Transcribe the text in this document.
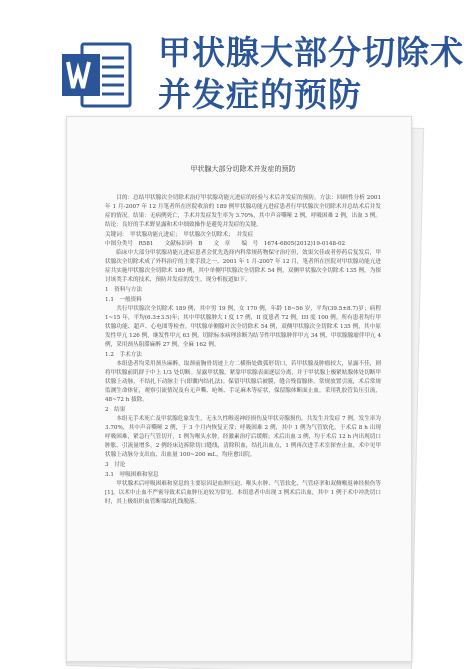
甲状腺大部分切除术并发症的预防
甲状腺大部分切除术并发症的预防
目的：总结甲状腺次全切除术治疗甲状腺功能亢进症的经验与术后并发症的预防。方法：回顾性分析 2001 年 1 月-2007 年 12 月笔者所在医院收治的 189 例甲状腺功能亢进症患者行甲状腺次全切除术并总结术后并发症的情况。结果：无病例死亡，手术并发症发生率为 3.70%，其中声音嘶哑 2 例，呼吸困难 2 例，出血 3 例。结论：良好的手术野显露和术中细致操作是避免并发症的关键。
关键词：　甲状腺功能亢进症；　甲状腺次全切除术；　并发症
中图分类号　R581　　文献标识码　B　　文　章　　编　号　1674-6805(2012)19-0148-02
临床中大部分甲状腺功能亢进症患者会优先选择内科常规药物保守治疗但，效果欠佳或者停药后复发后，甲状腺次全切除术成了外科治疗的主要手段之一。2001 年 1 月-2007 年 12 月，笔者所在医院对甲状腺功能亢进症共实施甲状腺次全切除术 189 例，其中单侧甲状腺次全切除术 54 例，双侧甲状腺次全切除术 135 例，为探讨该类手术的技术，预防并发症的发生，现分析报道如下。
1　资料与方法
1.1　一般资料
共行甲状腺次全切除术 189 例，其中男 19 例，女 170 例，年龄 18~56 岁，平均(39.5±8.7)岁；病程 1~15 年，平均(6.3±3.5)年；其中甲状腺肿大 I 度 17 例，II 度患者 72 例，III 度 100 例。所有患者均行甲状腺功能、超声、心电图等检查。甲状腺单侧腺叶次全切除术 54 例，双侧甲状腺次全切除术 135 例，其中原发性甲亢 126 例，继发性甲亢 63 例。切除标本病理诊断为结节性甲状腺肿伴甲亢 34 例，甲状腺腺瘤伴甲亢 4 例，采用颈丛阻滞麻醉 27 例，全麻 162 例。
1.2　手术方法
本组患者均采用颈丛麻醉，取颈前胸骨切迹上方二横指处做弧形切口，若甲状腺及肿瘤较大，显露不佳，则将甲状腺前肌群于中上 1/3 处切断。显露甲状腺，紧靠甲状腺表面逐层分离，并于甲状腺上极紧贴腺体处切断甲状腺上动脉，不结扎下动脉主干(即囊内结扎法)。保留甲状腺后被膜，缝合残留腺体，常规放置引流，术后常规监测生命体征，观察引流情况及有无声嘶、呛咳、手足麻木等症状，保留腺体断面止血。采用乳胶管负压引流，48~72 h 拔除。
2　结果
本组无手术死亡及甲状腺危象发生，无永久性喉返神经损伤及甲状旁腺损伤，共发生并发症 7 例，发生率为 3.70%，其中声音嘶哑 2 例，于 3 个月内恢复正常；呼吸困难 2 例，其中 1 例为气管软化，于术后 8 h 出现呼吸困难，紧急行气管切开，1 例为喉头水肿，经激素治疗后缓解；术后出血 3 例，均于术后 12 h 内出现切口肿胀、引流量增多，2 例经床边拆除切口缝线，清除积血，结扎出血点，1 例再次进手术室探查止血，术中见甲状腺上动脉分支出血，出血量 100~200 mL，均痊愈出院。
3　讨论
3.1　呼吸困难和窒息
甲状腺术后呼吸困难和窒息的主要原因是血肿压迫、喉头水肿、气管软化、气管痉挛和双侧喉返神经损伤等[1]，以术中止血不严密导致术后血肿压迫较为常见。本组患者中出现 3 例术后出血，其中 1 例于术中冲洗切口时，其上极组织血管断端结扎线脱落。
